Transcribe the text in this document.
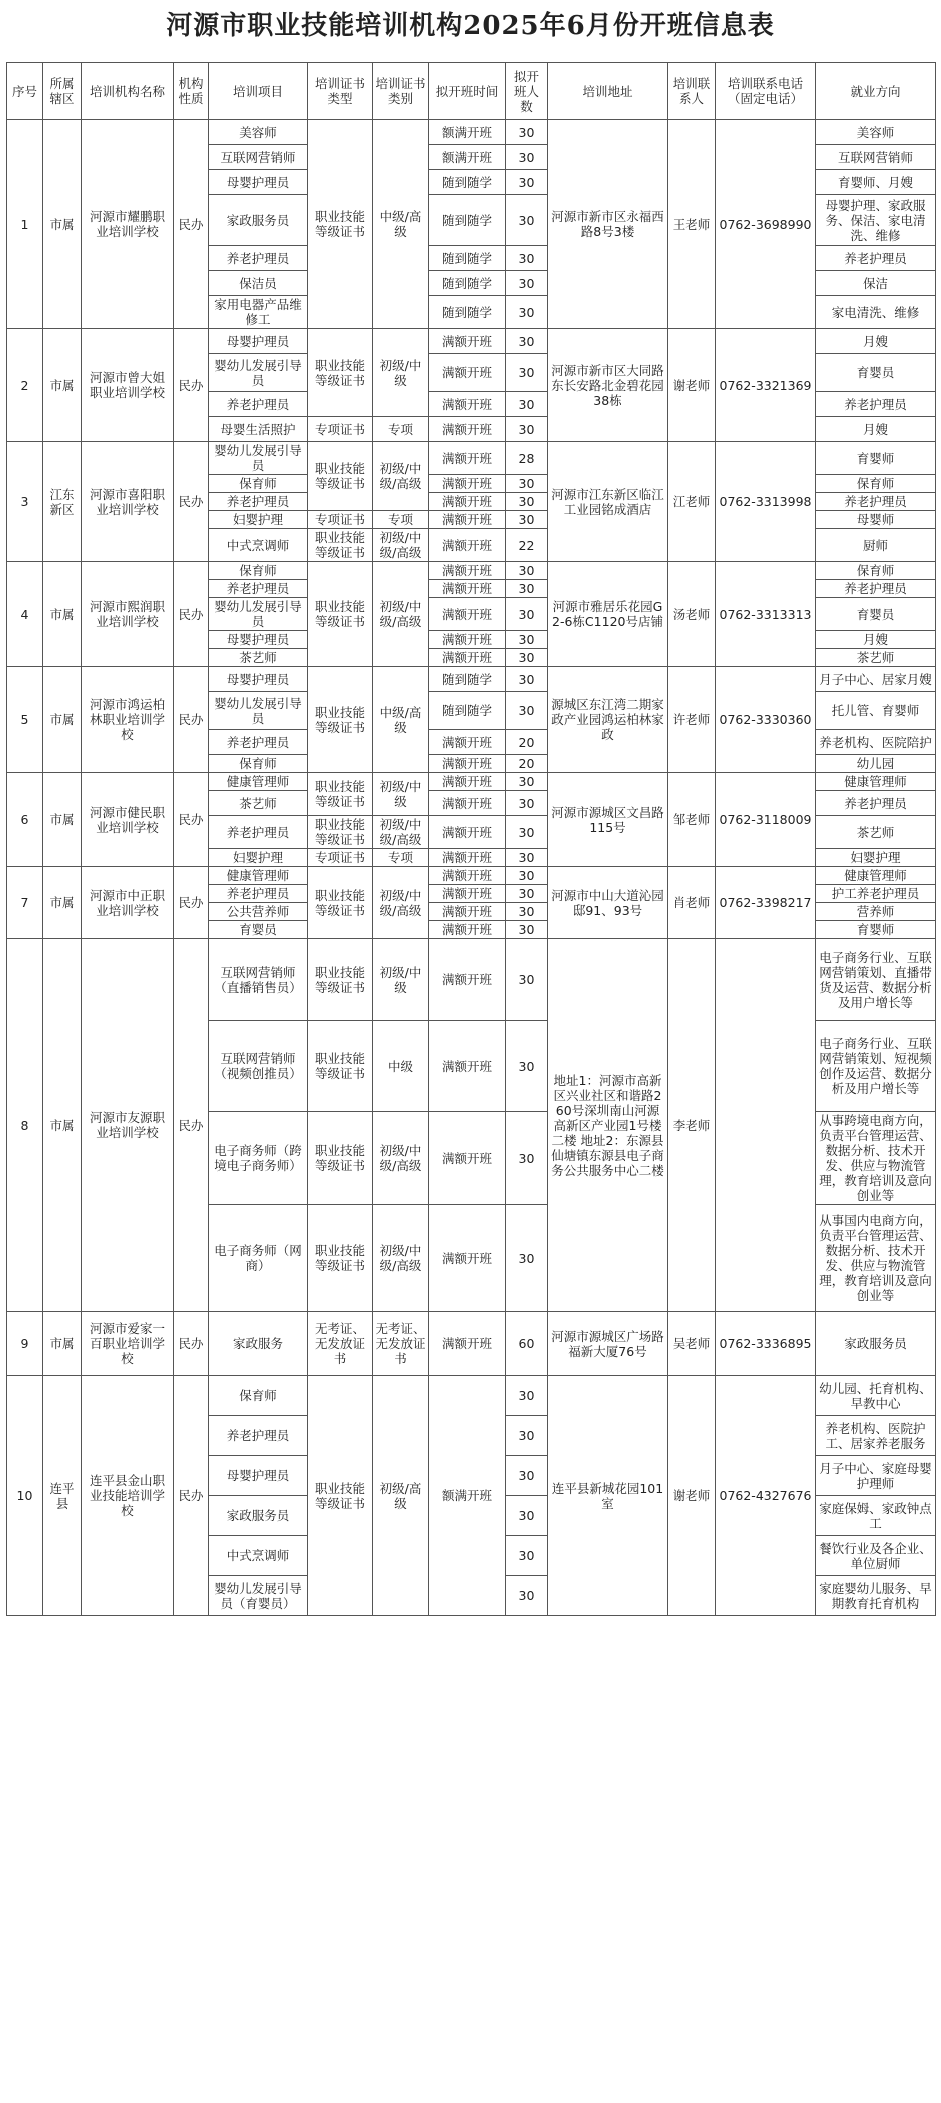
河源市职业技能培训机构2025年6月份开班信息表
序号	所属辖区	培训机构名称	机构性质	培训项目	培训证书类型	培训证书类别	拟开班时间	拟开班人数	培训地址	培训联系人	培训联系电话（固定电话）	就业方向
1	市属	河源市耀鹏职业培训学校	民办	美容师	职业技能等级证书	中级/高级	额满开班	30	河源市新市区永福西路8号3楼	王老师	0762-3698990	美容师
				互联网营销师			额满开班	30				互联网营销师
				母婴护理员			随到随学	30				育婴师、月嫂
				家政服务员			随到随学	30				母婴护理、家政服务、保洁、家电清洗、维修
				养老护理员			随到随学	30				养老护理员
				保洁员			随到随学	30				保洁
				家用电器产品维修工			随到随学	30				家电清洗、维修
2	市属	河源市曾大姐职业培训学校	民办	母婴护理员	职业技能等级证书	初级/中级	满额开班	30	河源市新市区大同路东长安路北金碧花园38栋	谢老师	0762-3321369	月嫂
				婴幼儿发展引导员			满额开班	30				育婴员
				养老护理员			满额开班	30				养老护理员
				母婴生活照护	专项证书	专项	满额开班	30				月嫂
3	江东新区	河源市喜阳职业培训学校	民办	婴幼儿发展引导员	职业技能等级证书	初级/中级/高级	满额开班	28	河源市江东新区临江工业园铭成酒店	江老师	0762-3313998	育婴师
				保育师			满额开班	30				保育师
				养老护理员			满额开班	30				养老护理员
				妇婴护理	专项证书	专项	满额开班	30				母婴师
				中式烹调师	职业技能等级证书	初级/中级/高级	满额开班	22				厨师
4	市属	河源市熙润职业培训学校	民办	保育师	职业技能等级证书	初级/中级/高级	满额开班	30	河源市雅居乐花园G2-6栋C1120号店铺	汤老师	0762-3313313	保育师
				养老护理员			满额开班	30				养老护理员
				婴幼儿发展引导员			满额开班	30				育婴员
				母婴护理员			满额开班	30				月嫂
				茶艺师			满额开班	30				茶艺师
5	市属	河源市鸿运柏林职业培训学校	民办	母婴护理员	职业技能等级证书	中级/高级	随到随学	30	源城区东江湾二期家政产业园鸿运柏林家政	许老师	0762-3330360	月子中心、居家月嫂
				婴幼儿发展引导员			随到随学	30				托儿管、育婴师
				养老护理员			满额开班	20				养老机构、医院陪护
				保育师			满额开班	20				幼儿园
6	市属	河源市健民职业培训学校	民办	健康管理师	职业技能等级证书	初级/中级	满额开班	30	河源市源城区文昌路115号	邹老师	0762-3118009	健康管理师
				茶艺师			满额开班	30				养老护理员
				养老护理员	职业技能等级证书	初级/中级/高级	满额开班	30				茶艺师
				妇婴护理	专项证书	专项	满额开班	30				妇婴护理
7	市属	河源市中正职业培训学校	民办	健康管理师	职业技能等级证书	初级/中级/高级	满额开班	30	河源市中山大道沁园邸91、93号	肖老师	0762-3398217	健康管理师
				养老护理员			满额开班	30				护工养老护理员
				公共营养师			满额开班	30				营养师
				育婴员			满额开班	30				育婴师
8	市属	河源市友源职业培训学校	民办	互联网营销师（直播销售员）	职业技能等级证书	初级/中级	满额开班	30	地址1：河源市高新区兴业社区和谐路260号深圳南山河源高新区产业园1号楼二楼 地址2：东源县仙塘镇东源县电子商务公共服务中心二楼	李老师		电子商务行业、互联网营销策划、直播带货及运营、数据分析及用户增长等
				互联网营销师（视频创推员）	职业技能等级证书	中级	满额开班	30				电子商务行业、互联网营销策划、短视频创作及运营、数据分析及用户增长等
				电子商务师（跨境电子商务师）	职业技能等级证书	初级/中级/高级	满额开班	30				从事跨境电商方向，负责平台管理运营、数据分析、技术开发、供应与物流管理，教育培训及意向创业等
				电子商务师（网商）	职业技能等级证书	初级/中级/高级	满额开班	30				从事国内电商方向，负责平台管理运营、数据分析、技术开发、供应与物流管理，教育培训及意向创业等
9	市属	河源市爱家一百职业培训学校	民办	家政服务	无考证、无发放证书	无考证、无发放证书	满额开班	60	河源市源城区广场路福新大厦76号	吴老师	0762-3336895	家政服务员
10	连平县	连平县金山职业技能培训学校	民办	保育师	职业技能等级证书	初级/高级	额满开班	30	连平县新城花园101室	谢老师	0762-4327676	幼儿园、托育机构、早教中心
				养老护理员				30				养老机构、医院护工、居家养老服务
				母婴护理员				30				月子中心、家庭母婴护理师
				家政服务员				30				家庭保姆、家政钟点工
				中式烹调师				30				餐饮行业及各企业、单位厨师
				婴幼儿发展引导员（育婴员）				30				家庭婴幼儿服务、早期教育托育机构
